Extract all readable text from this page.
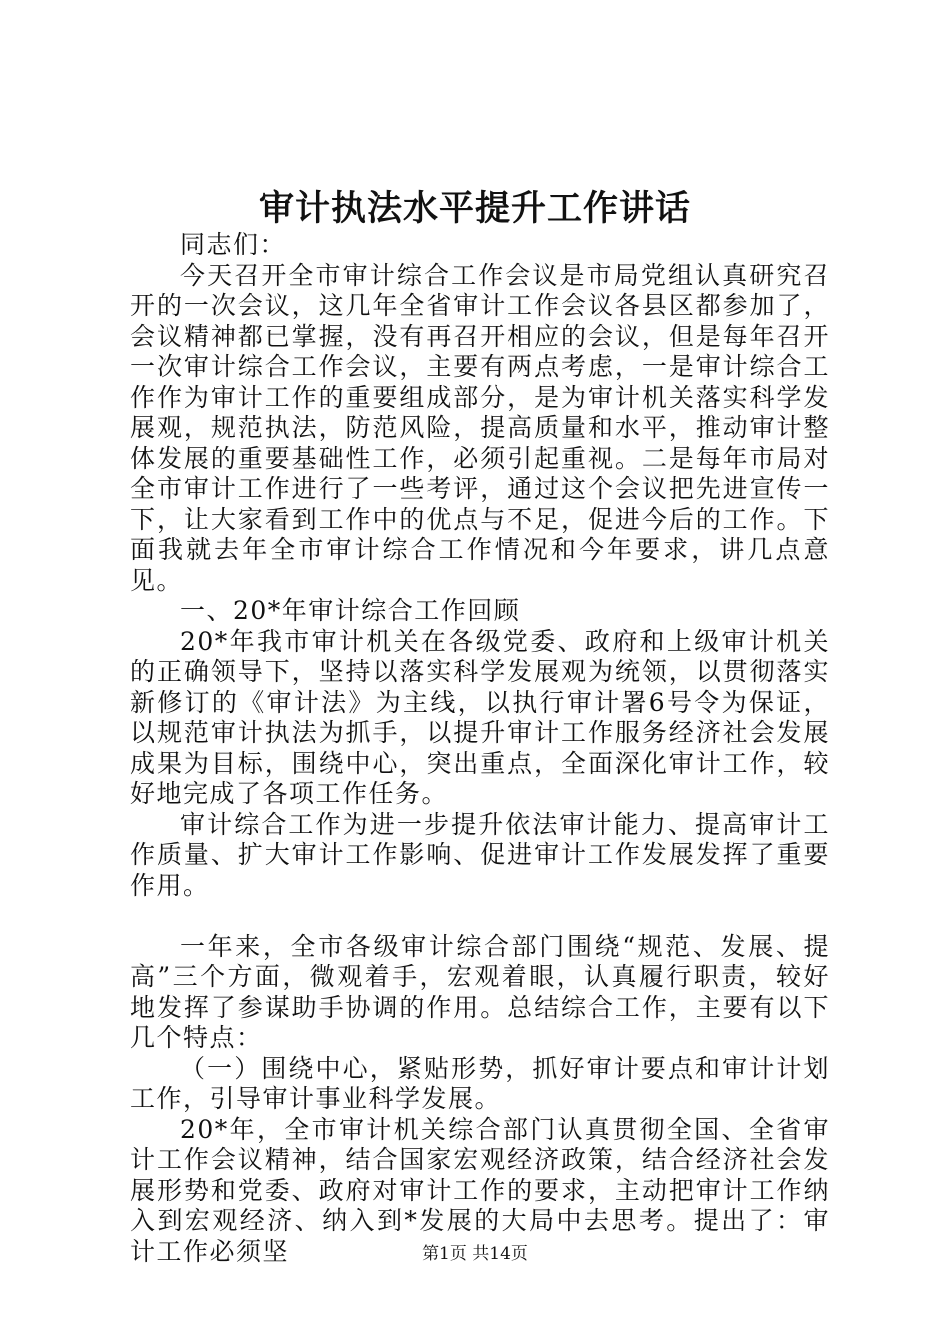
审计执法水平提升工作讲话

同志们：

今天召开全市审计综合工作会议是市局党组认真研究召开的一次会议，这几年全省审计工作会议各县区都参加了，会议精神都已掌握，没有再召开相应的会议，但是每年召开一次审计综合工作会议，主要有两点考虑，一是审计综合工作作为审计工作的重要组成部分，是为审计机关落实科学发展观，规范执法，防范风险，提高质量和水平，推动审计整体发展的重要基础性工作，必须引起重视。二是每年市局对全市审计工作进行了一些考评，通过这个会议把先进宣传一下，让大家看到工作中的优点与不足，促进今后的工作。下面我就去年全市审计综合工作情况和今年要求，讲几点意见。

一、20*年审计综合工作回顾

20*年我市审计机关在各级党委、政府和上级审计机关的正确领导下，坚持以落实科学发展观为统领，以贯彻落实新修订的《审计法》为主线，以执行审计署6号令为保证，以规范审计执法为抓手，以提升审计工作服务经济社会发展成果为目标，围绕中心，突出重点，全面深化审计工作，较好地完成了各项工作任务。

审计综合工作为进一步提升依法审计能力、提高审计工作质量、扩大审计工作影响、促进审计工作发展发挥了重要作用。

一年来，全市各级审计综合部门围绕“规范、发展、提高”三个方面，微观着手，宏观着眼，认真履行职责，较好地发挥了参谋助手协调的作用。总结综合工作，主要有以下几个特点：

（一）围绕中心，紧贴形势，抓好审计要点和审计计划工作，引导审计事业科学发展。

20*年，全市审计机关综合部门认真贯彻全国、全省审计工作会议精神，结合国家宏观经济政策，结合经济社会发展形势和党委、政府对审计工作的要求，主动把审计工作纳入到宏观经济、纳入到*发展的大局中去思考。提出了：审计工作必须坚	第1页 共14页
